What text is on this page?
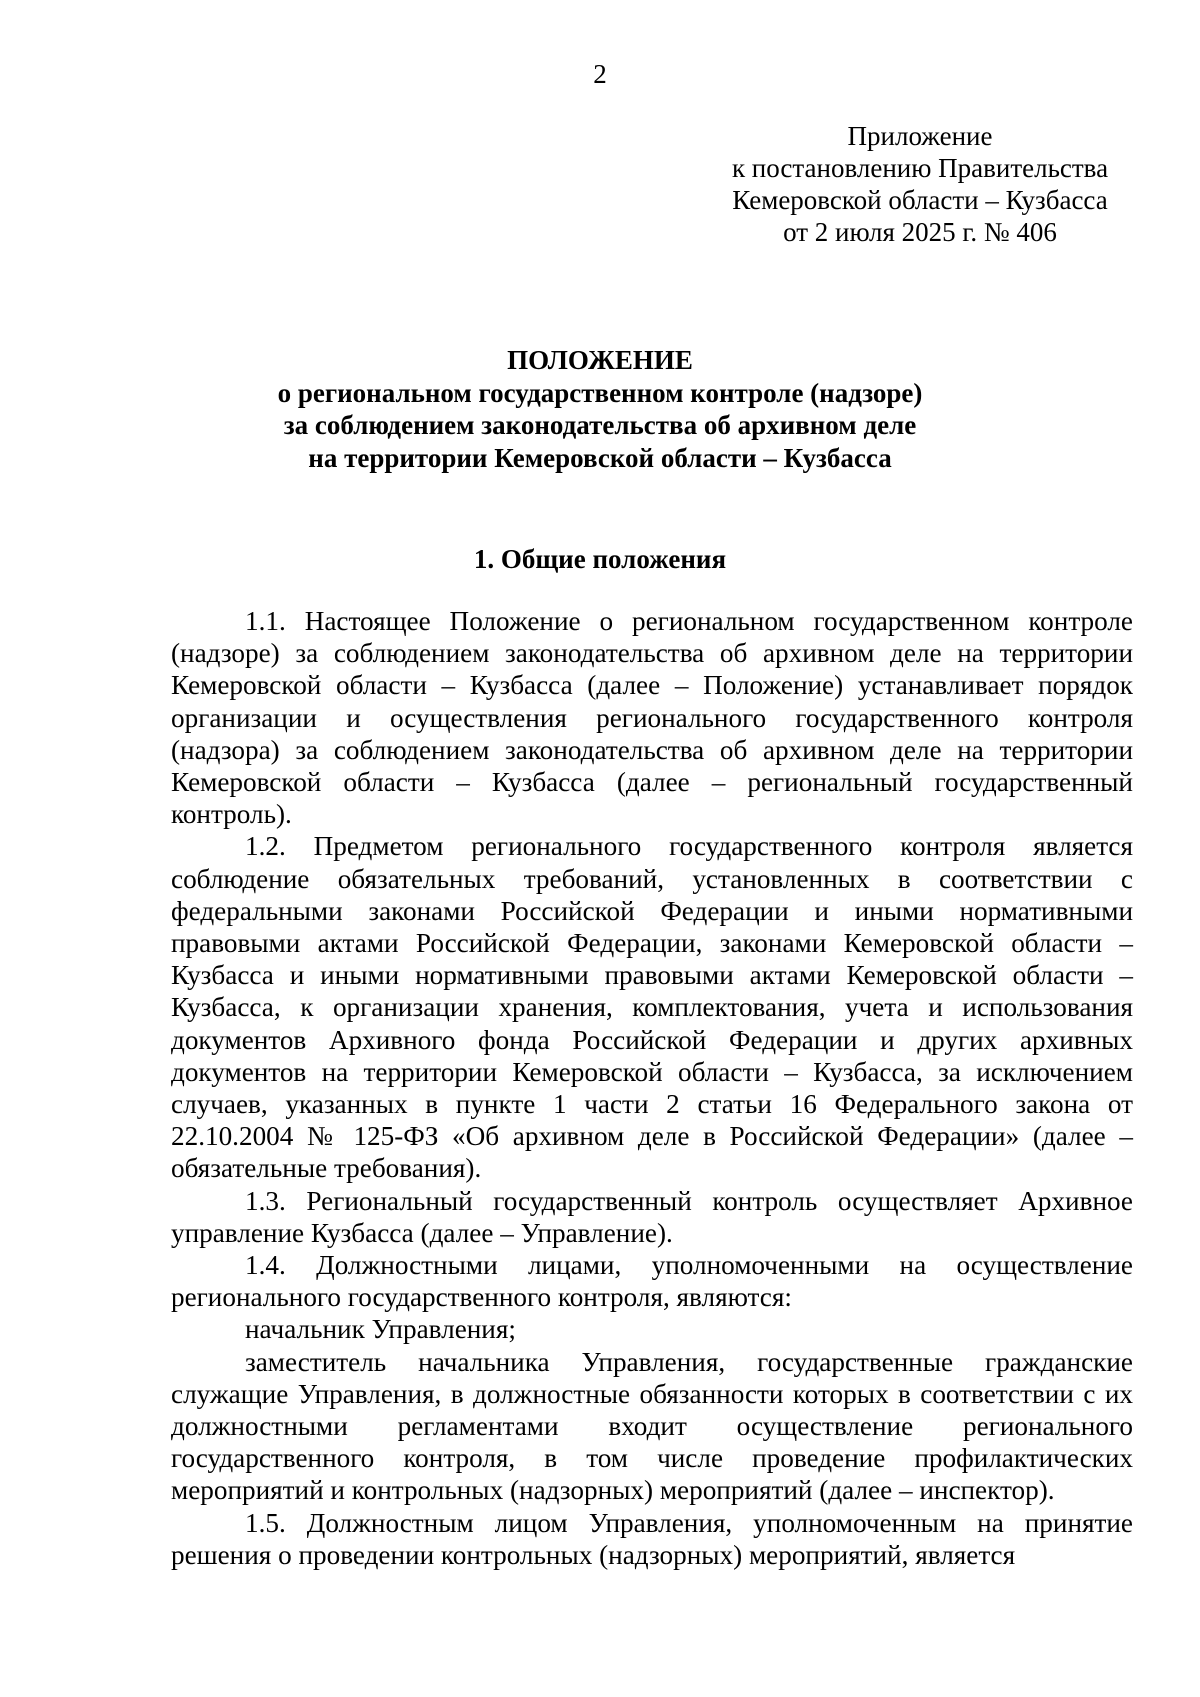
2
Приложение
к постановлению Правительства
Кемеровской области – Кузбасса
от 2 июля 2025 г. № 406
ПОЛОЖЕНИЕ
о региональном государственном контроле (надзоре)
за соблюдением законодательства об архивном деле
на территории Кемеровской области – Кузбасса
1. Общие положения

1.1. Настоящее Положение о региональном государственном контроле (надзоре) за соблюдением законодательства об архивном деле на территории Кемеровской области – Кузбасса (далее – Положение) устанавливает порядок организации и осуществления регионального государственного контроля (надзора) за соблюдением законодательства об архивном деле на территории Кемеровской области – Кузбасса (далее – региональный государственный контроль).

1.2. Предметом регионального государственного контроля является соблюдение обязательных требований, установленных в соответствии с федеральными законами Российской Федерации и иными нормативными правовыми актами Российской Федерации, законами Кемеровской области – Кузбасса и иными нормативными правовыми актами Кемеровской области – Кузбасса, к организации хранения, комплектования, учета и использования документов Архивного фонда Российской Федерации и других архивных документов на территории Кемеровской области – Кузбасса, за исключением случаев, указанных в пункте 1 части 2 статьи 16 Федерального закона от 22.10.2004 № 125-ФЗ «Об архивном деле в Российской Федерации» (далее – обязательные требования).

1.3. Региональный государственный контроль осуществляет Архивное управление Кузбасса (далее – Управление).

1.4. Должностными лицами, уполномоченными на осуществление регионального государственного контроля, являются:

начальник Управления;

заместитель начальника Управления, государственные гражданские служащие Управления, в должностные обязанности которых в соответствии с их должностными регламентами входит осуществление регионального государственного контроля, в том числе проведение профилактических мероприятий и контрольных (надзорных) мероприятий (далее – инспектор).

1.5. Должностным лицом Управления, уполномоченным на принятие решения о проведении контрольных (надзорных) мероприятий, является
